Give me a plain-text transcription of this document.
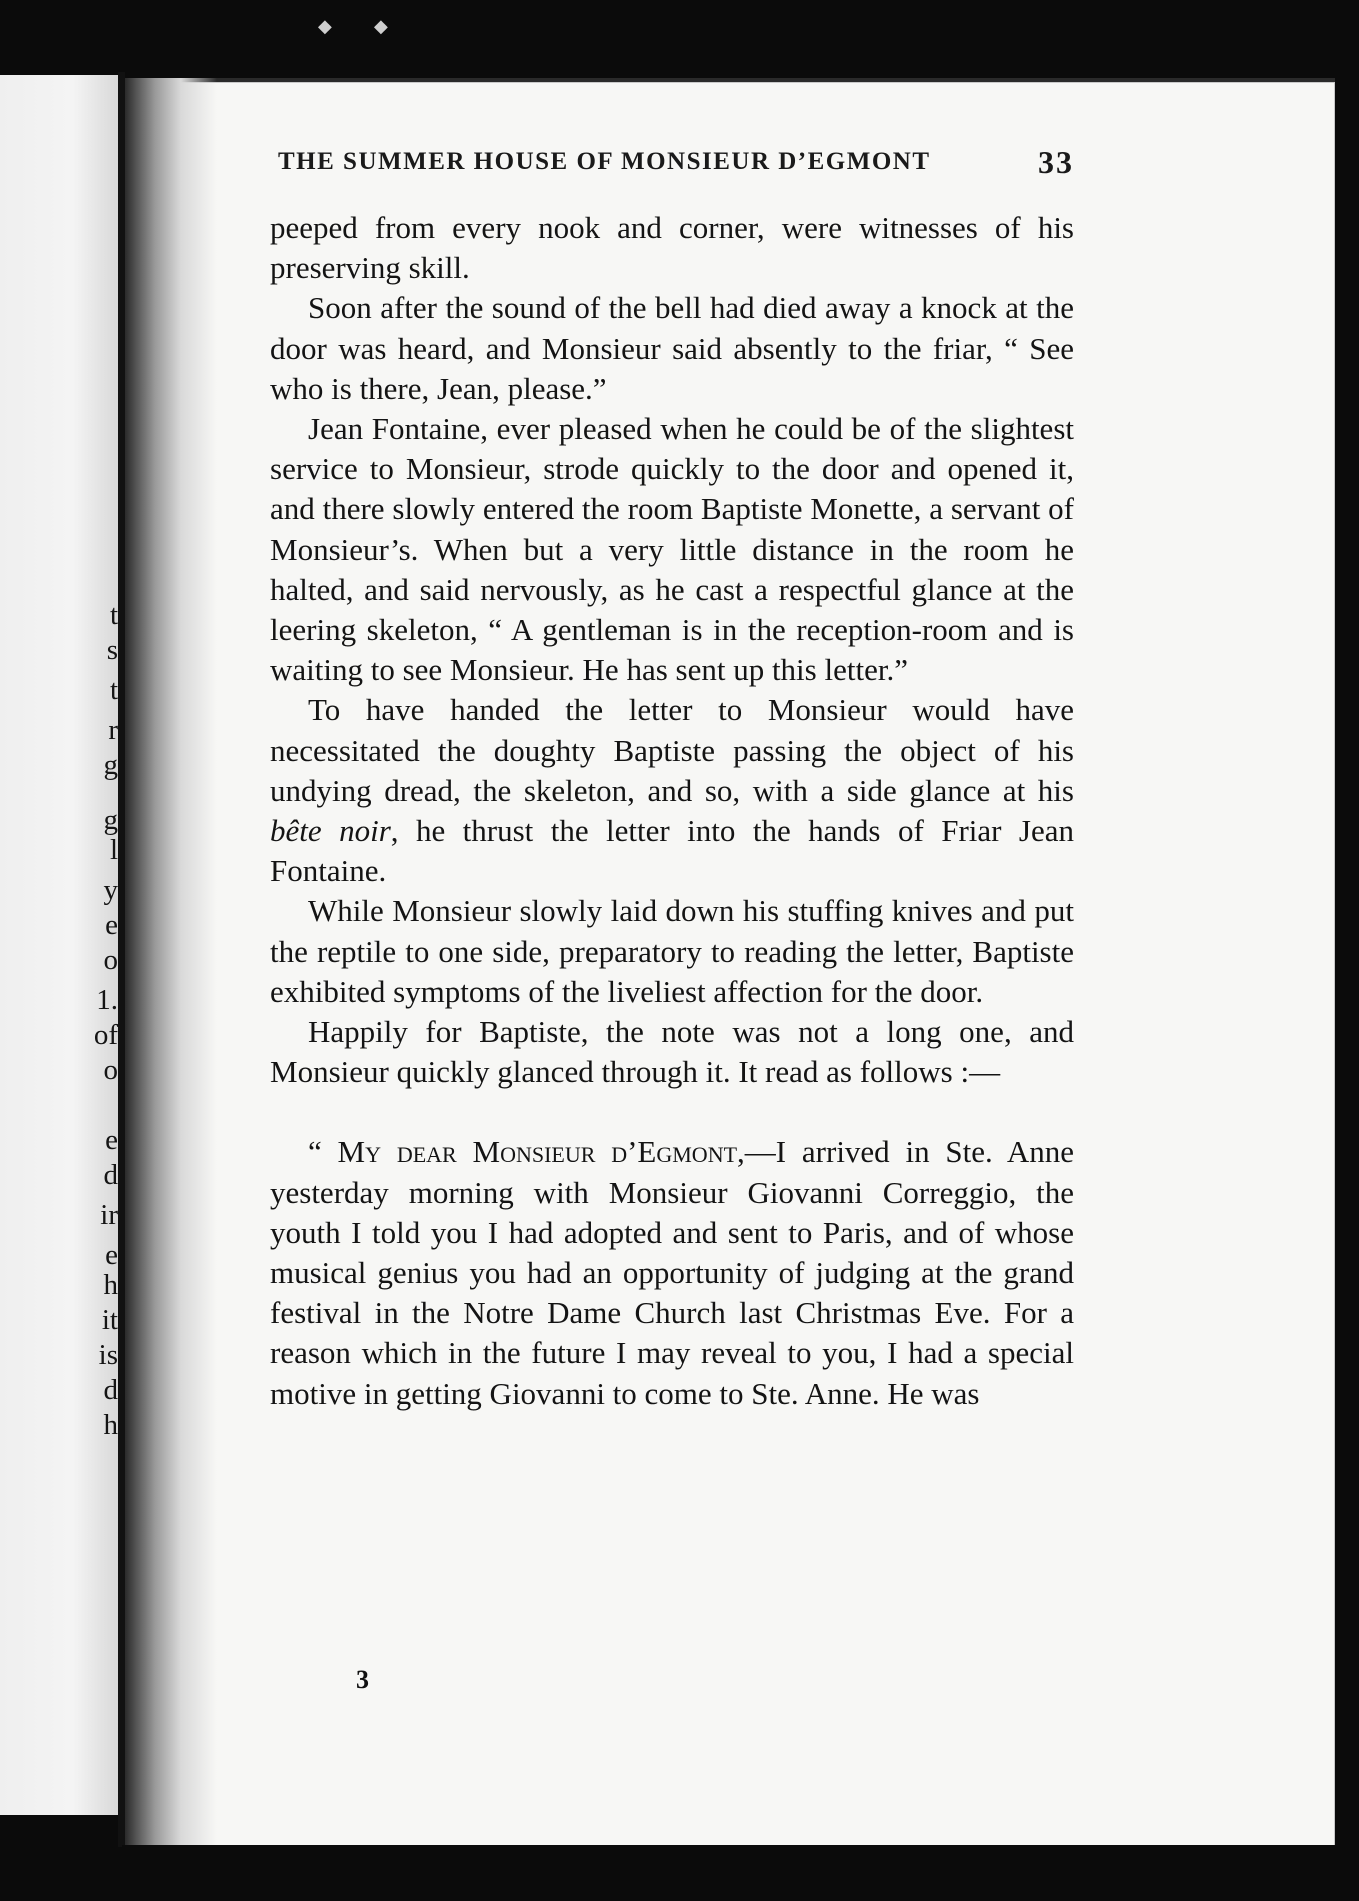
t
s
t
r
g
g
l
y
e
o
1.
of
o
e
d
ir
e
h
it
is
d
h
◆ ◆
THE SUMMER HOUSE OF MONSIEUR D’EGMONT	33

peeped from every nook and corner, were witnesses of his preserving skill.

Soon after the sound of the bell had died away a knock at the door was heard, and Monsieur said absently to the friar, “ See who is there, Jean, please.”

Jean Fontaine, ever pleased when he could be of the slightest service to Monsieur, strode quickly to the door and opened it, and there slowly entered the room Baptiste Monette, a servant of Monsieur’s. When but a very little distance in the room he halted, and said nervously, as he cast a respectful glance at the leering skeleton, “ A gentleman is in the reception-room and is waiting to see Monsieur. He has sent up this letter.”

To have handed the letter to Monsieur would have necessitated the doughty Baptiste passing the object of his undying dread, the skeleton, and so, with a side glance at his bête noir, he thrust the letter into the hands of Friar Jean Fontaine.

While Monsieur slowly laid down his stuffing knives and put the reptile to one side, preparatory to reading the letter, Baptiste exhibited symptoms of the liveliest affection for the door.

Happily for Baptiste, the note was not a long one, and Monsieur quickly glanced through it. It read as follows :—

“ My dear Monsieur d’Egmont,—I arrived in Ste. Anne yesterday morning with Monsieur Giovanni Correggio, the youth I told you I had adopted and sent to Paris, and of whose musical genius you had an opportunity of judging at the grand festival in the Notre Dame Church last Christmas Eve. For a reason which in the future I may reveal to you, I had a special motive in getting Giovanni to come to Ste. Anne. He was

3
